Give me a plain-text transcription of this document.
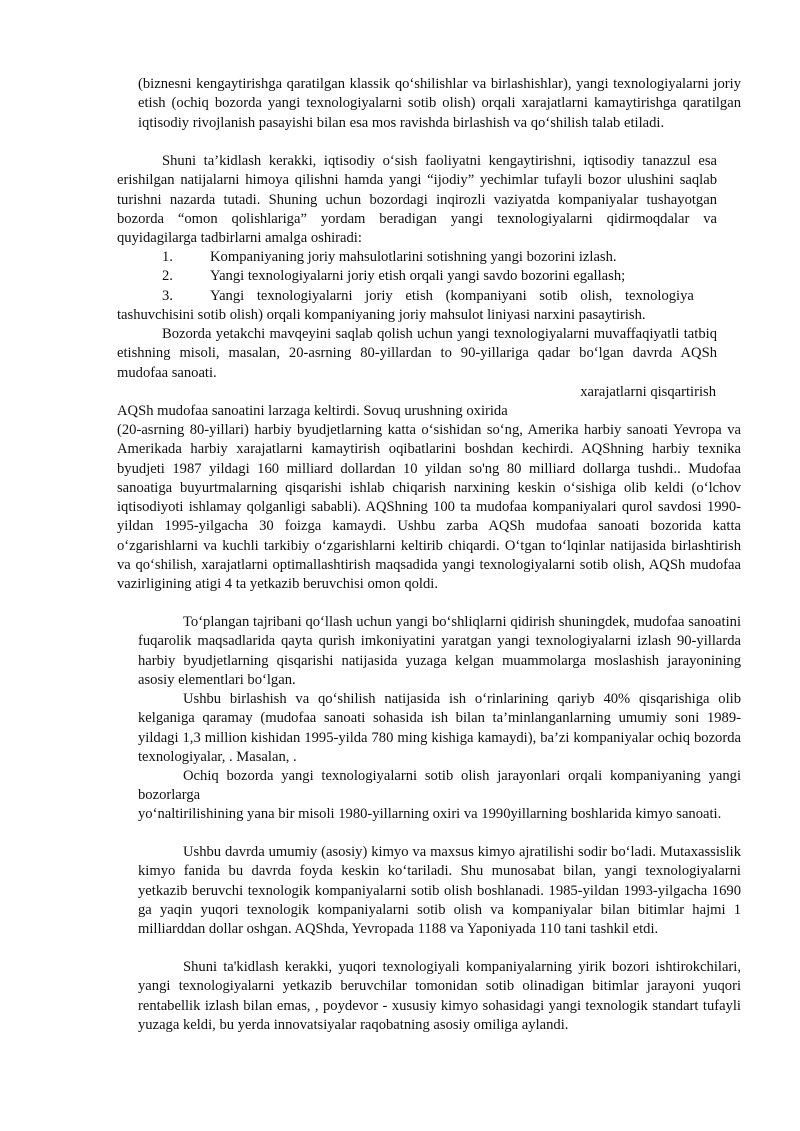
(biznesni kengaytirishga qaratilgan klassik qo‘shilishlar va birlashishlar), yangi texnologiyalarni joriy etish (ochiq bozorda yangi texnologiyalarni sotib olish) orqali xarajatlarni kamaytirishga qaratilgan iqtisodiy rivojlanish pasayishi bilan esa mos ravishda birlashish va qo‘shilish talab etiladi.

Shuni ta’kidlash kerakki, iqtisodiy o‘sish faoliyatni kengaytirishni, iqtisodiy tanazzul esa erishilgan natijalarni himoya qilishni hamda yangi “ijodiy” yechimlar tufayli bozor ulushini saqlab turishni nazarda tutadi. Shuning uchun bozordagi inqirozli vaziyatda kompaniyalar tushayotgan bozorda “omon qolishlariga” yordam beradigan yangi texnologiyalarni qidirmoqdalar va quyidagilarga tadbirlarni amalga oshiradi:

1.	Kompaniyaning joriy mahsulotlarini sotishning yangi bozorini izlash.
2.	Yangi texnologiyalarni joriy etish orqali yangi savdo bozorini egallash;
3.	Yangi texnologiyalarni joriy etish (kompaniyani sotib olish, texnologiya

tashuvchisini sotib olish) orqali kompaniyaning joriy mahsulot liniyasi narxini pasaytirish.

Bozorda yetakchi mavqeyini saqlab qolish uchun yangi texnologiyalarni muvaffaqiyatli tatbiq etishning misoli, masalan, 20-asrning 80-yillardan to 90-yillariga qadar bo‘lgan davrda AQSh mudofaa sanoati.

xarajatlarni qisqartirish

AQSh mudofaa sanoatini larzaga keltirdi. Sovuq urushning oxirida

(20-asrning 80-yillari) harbiy byudjetlarning katta o‘sishidan so‘ng, Amerika harbiy sanoati Yevropa va Amerikada harbiy xarajatlarni kamaytirish oqibatlarini boshdan kechirdi. AQShning harbiy texnika byudjeti 1987 yildagi 160 milliard dollardan 10 yildan so'ng 80 milliard dollarga tushdi.. Mudofaa sanoatiga buyurtmalarning qisqarishi ishlab chiqarish narxining keskin o‘sishiga olib keldi (o‘lchov iqtisodiyoti ishlamay qolganligi sababli). AQShning 100 ta mudofaa kompaniyalari qurol savdosi 1990-yildan 1995-yilgacha 30 foizga kamaydi. Ushbu zarba AQSh mudofaa sanoati bozorida katta o‘zgarishlarni va kuchli tarkibiy o‘zgarishlarni keltirib chiqardi. O‘tgan to‘lqinlar natijasida birlashtirish va qo‘shilish, xarajatlarni optimallashtirish maqsadida yangi texnologiyalarni sotib olish, AQSh mudofaa vazirligining atigi 4 ta yetkazib beruvchisi omon qoldi.

To‘plangan tajribani qo‘llash uchun yangi bo‘shliqlarni qidirish shuningdek, mudofaa sanoatini fuqarolik maqsadlarida qayta qurish imkoniyatini yaratgan yangi texnologiyalarni izlash 90-yillarda harbiy byudjetlarning qisqarishi natijasida yuzaga kelgan muammolarga moslashish jarayonining asosiy elementlari bo‘lgan.

Ushbu birlashish va qo‘shilish natijasida ish o‘rinlarining qariyb 40% qisqarishiga olib kelganiga qaramay (mudofaa sanoati sohasida ish bilan ta’minlanganlarning umumiy soni 1989-yildagi 1,3 million kishidan 1995-yilda 780 ming kishiga kamaydi), ba’zi kompaniyalar ochiq bozorda texnologiyalar, . Masalan, .

Ochiq bozorda yangi texnologiyalarni sotib olish jarayonlari orqali kompaniyaning yangi bozorlarga

yo‘naltirilishining yana bir misoli 1980-yillarning oxiri va 1990yillarning boshlarida kimyo sanoati.

Ushbu davrda umumiy (asosiy) kimyo va maxsus kimyo ajratilishi sodir bo‘ladi. Mutaxassislik kimyo fanida bu davrda foyda keskin ko‘tariladi. Shu munosabat bilan, yangi texnologiyalarni yetkazib beruvchi texnologik kompaniyalarni sotib olish boshlanadi. 1985-yildan 1993-yilgacha 1690 ga yaqin yuqori texnologik kompaniyalarni sotib olish va kompaniyalar bilan bitimlar hajmi 1 milliarddan dollar oshgan. AQShda, Yevropada 1188 va Yaponiyada 110 tani tashkil etdi.

Shuni ta'kidlash kerakki, yuqori texnologiyali kompaniyalarning yirik bozori ishtirokchilari, yangi texnologiyalarni yetkazib beruvchilar tomonidan sotib olinadigan bitimlar jarayoni yuqori rentabellik izlash bilan emas, , poydevor - xususiy kimyo sohasidagi yangi texnologik standart tufayli yuzaga keldi, bu yerda innovatsiyalar raqobatning asosiy omiliga aylandi.
